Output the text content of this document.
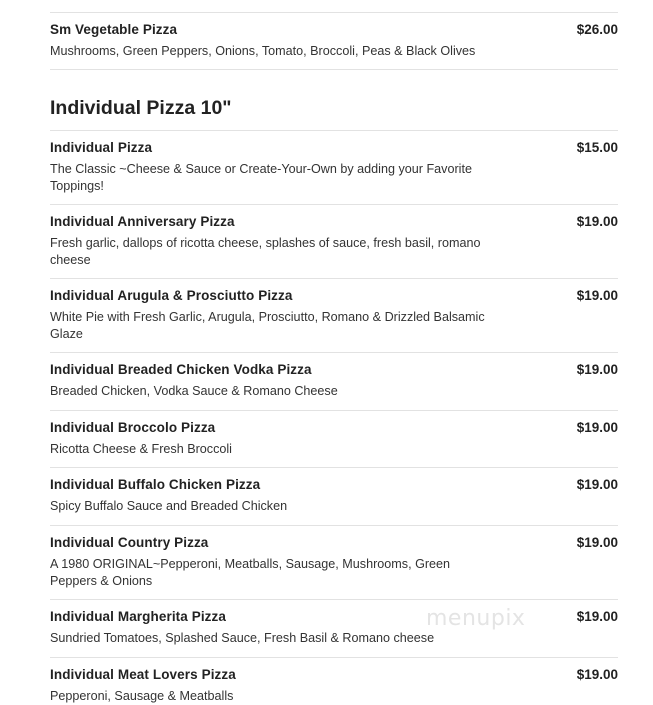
Sm Vegetable Pizza	$26.00
Mushrooms, Green Peppers, Onions, Tomato, Broccoli, Peas & Black Olives
Individual Pizza 10"
Individual Pizza	$15.00
The Classic ~Cheese & Sauce or Create-Your-Own by adding your Favorite Toppings!
Individual Anniversary Pizza	$19.00
Fresh garlic, dallops of ricotta cheese, splashes of sauce, fresh basil, romano cheese
Individual Arugula & Prosciutto Pizza	$19.00
White Pie with Fresh Garlic, Arugula, Prosciutto, Romano & Drizzled Balsamic Glaze
Individual Breaded Chicken Vodka Pizza	$19.00
Breaded Chicken, Vodka Sauce & Romano Cheese
Individual Broccolo Pizza	$19.00
Ricotta Cheese & Fresh Broccoli
Individual Buffalo Chicken Pizza	$19.00
Spicy Buffalo Sauce and Breaded Chicken
Individual Country Pizza	$19.00
A 1980 ORIGINAL~Pepperoni, Meatballs, Sausage, Mushrooms, Green Peppers & Onions
Individual Margherita Pizza	$19.00
Sundried Tomatoes, Splashed Sauce, Fresh Basil & Romano cheese
Individual Meat Lovers Pizza	$19.00
Pepperoni, Sausage & Meatballs
menupix
